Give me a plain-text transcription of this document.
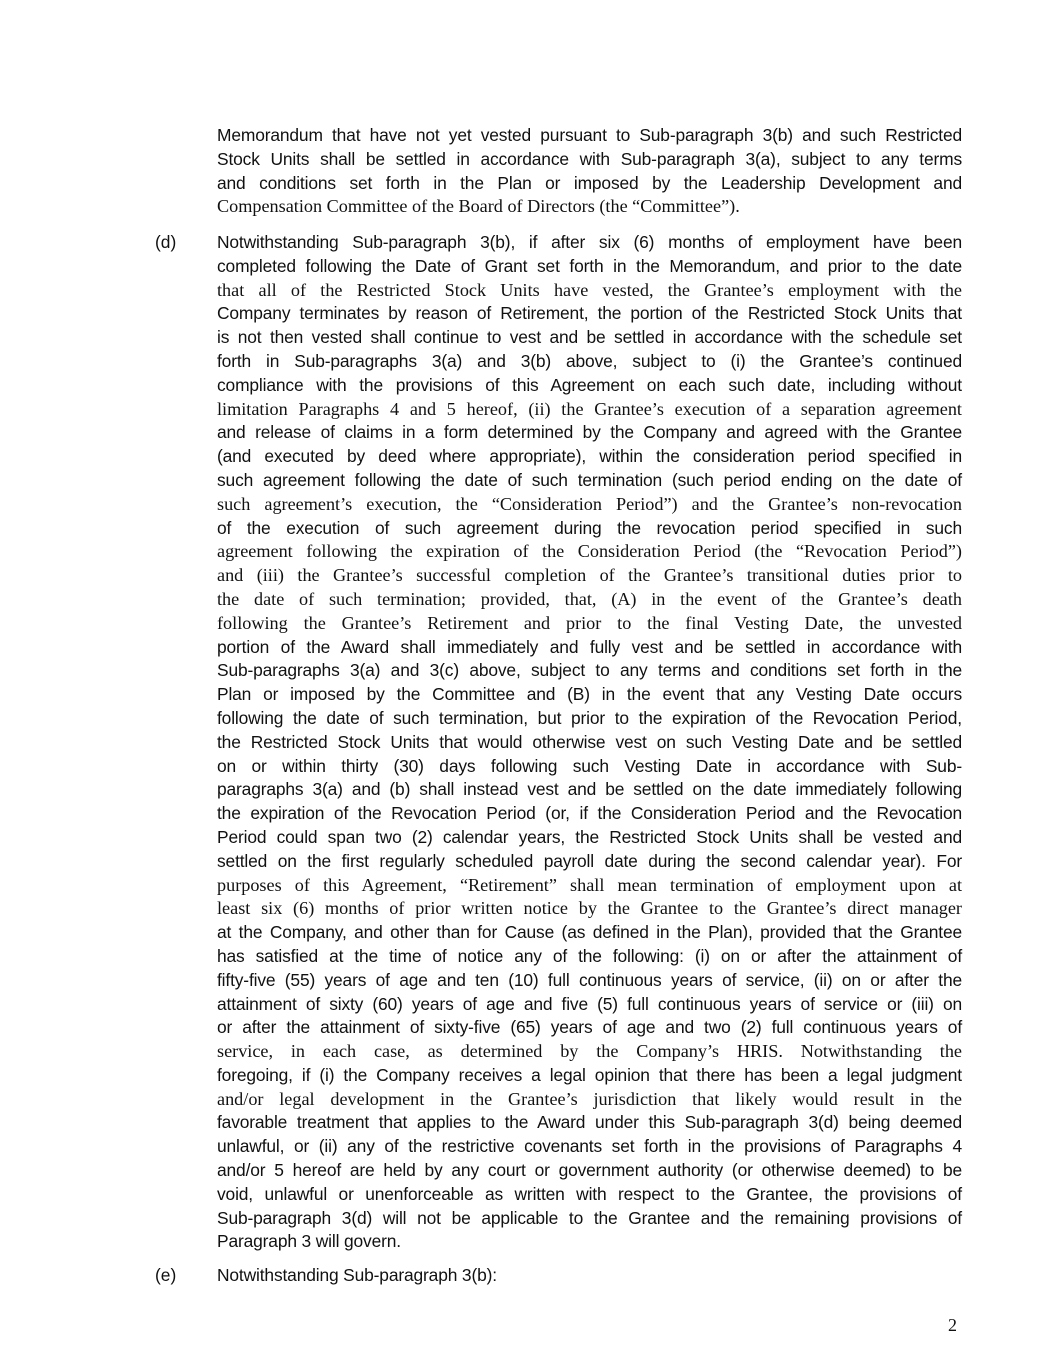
Memorandum that have not yet vested pursuant to Sub-paragraph 3(b) and such Restricted
Stock Units shall be settled in accordance with Sub-paragraph 3(a), subject to any terms
and conditions set forth in the Plan or imposed by the Leadership Development and
Compensation Committee of the Board of Directors (the “Committee”).
(d) Notwithstanding Sub-paragraph 3(b), if after six (6) months of employment have been
completed following the Date of Grant set forth in the Memorandum, and prior to the date
that all of the Restricted Stock Units have vested, the Grantee’s employment with the
Company terminates by reason of Retirement, the portion of the Restricted Stock Units that
is not then vested shall continue to vest and be settled in accordance with the schedule set
forth in Sub-paragraphs 3(a) and 3(b) above, subject to (i) the Grantee’s continued
compliance with the provisions of this Agreement on each such date, including without
limitation Paragraphs 4 and 5 hereof, (ii) the Grantee’s execution of a separation agreement
and release of claims in a form determined by the Company and agreed with the Grantee
(and executed by deed where appropriate), within the consideration period specified in
such agreement following the date of such termination (such period ending on the date of
such agreement’s execution, the “Consideration Period”) and the Grantee’s non-revocation
of the execution of such agreement during the revocation period specified in such
agreement following the expiration of the Consideration Period (the “Revocation Period”)
and (iii) the Grantee’s successful completion of the Grantee’s transitional duties prior to
the date of such termination; provided, that, (A) in the event of the Grantee’s death
following the Grantee’s Retirement and prior to the final Vesting Date, the unvested
portion of the Award shall immediately and fully vest and be settled in accordance with
Sub-paragraphs 3(a) and 3(c) above, subject to any terms and conditions set forth in the
Plan or imposed by the Committee and (B) in the event that any Vesting Date occurs
following the date of such termination, but prior to the expiration of the Revocation Period,
the Restricted Stock Units that would otherwise vest on such Vesting Date and be settled
on or within thirty (30) days following such Vesting Date in accordance with Sub-
paragraphs 3(a) and (b) shall instead vest and be settled on the date immediately following
the expiration of the Revocation Period (or, if the Consideration Period and the Revocation
Period could span two (2) calendar years, the Restricted Stock Units shall be vested and
settled on the first regularly scheduled payroll date during the second calendar year). For
purposes of this Agreement, “Retirement” shall mean termination of employment upon at
least six (6) months of prior written notice by the Grantee to the Grantee’s direct manager
at the Company, and other than for Cause (as defined in the Plan), provided that the Grantee
has satisfied at the time of notice any of the following: (i) on or after the attainment of
fifty-five (55) years of age and ten (10) full continuous years of service, (ii) on or after the
attainment of sixty (60) years of age and five (5) full continuous years of service or (iii) on
or after the attainment of sixty-five (65) years of age and two (2) full continuous years of
service, in each case, as determined by the Company’s HRIS. Notwithstanding the
foregoing, if (i) the Company receives a legal opinion that there has been a legal judgment
and/or legal development in the Grantee’s jurisdiction that likely would result in the
favorable treatment that applies to the Award under this Sub-paragraph 3(d) being deemed
unlawful, or (ii) any of the restrictive covenants set forth in the provisions of Paragraphs 4
and/or 5 hereof are held by any court or government authority (or otherwise deemed) to be
void, unlawful or unenforceable as written with respect to the Grantee, the provisions of
Sub-paragraph 3(d) will not be applicable to the Grantee and the remaining provisions of
Paragraph 3 will govern.
(e) Notwithstanding Sub-paragraph 3(b):
2
